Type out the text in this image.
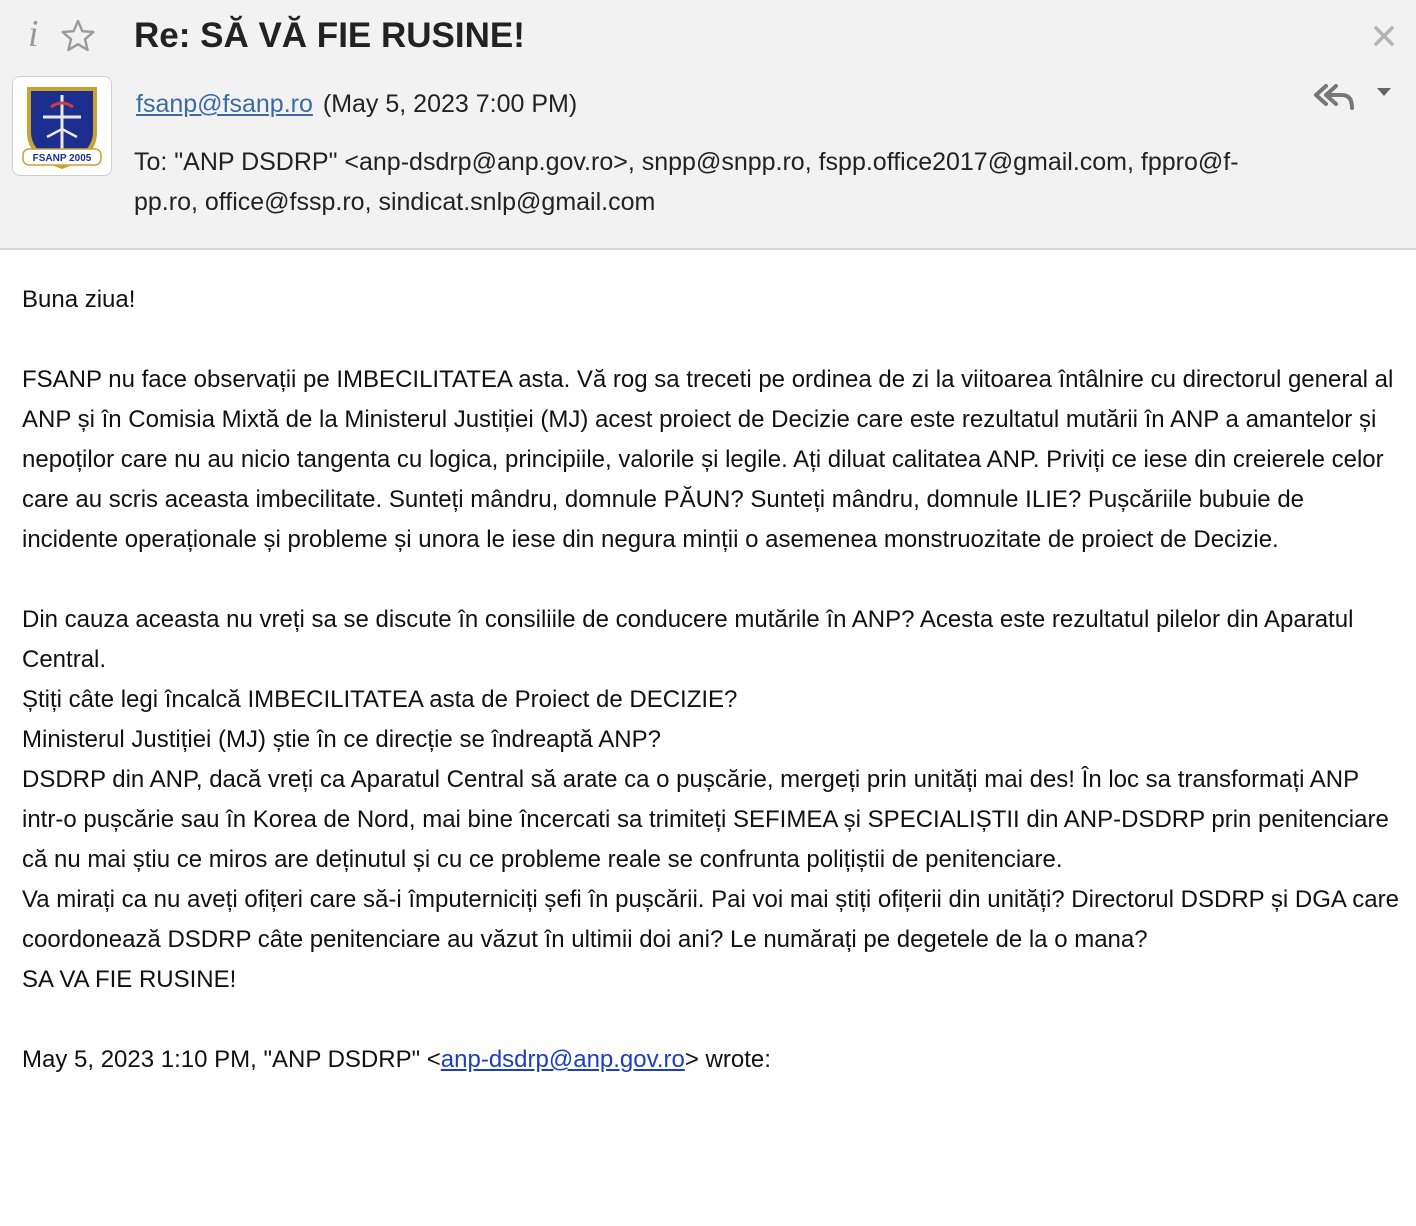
i	Re: SĂ VĂ FIE RUSINE!
FSANP 2005
fsanp@fsanp.ro (May 5, 2023 7:00 PM)
To: "ANP DSDRP" <anp-dsdrp@anp.gov.ro>, snpp@snpp.ro, fspp.office2017@gmail.com, fppro@f-pp.ro, office@fssp.ro, sindicat.snlp@gmail.com

Buna ziua!

FSANP nu face observații pe IMBECILITATEA asta. Vă rog sa treceti pe ordinea de zi la viitoarea întâlnire cu directorul general al ANP și în Comisia Mixtă de la Ministerul Justiției (MJ) acest proiect de Decizie care este rezultatul mutării în ANP a amantelor și nepoților care nu au nicio tangenta cu logica, principiile, valorile și legile. Ați diluat calitatea ANP. Priviți ce iese din creierele celor care au scris aceasta imbecilitate. Sunteți mândru, domnule PĂUN? Sunteți mândru, domnule ILIE? Pușcăriile bubuie de incidente operaționale și probleme și unora le iese din negura minții o asemenea monstruozitate de proiect de Decizie.

Din cauza aceasta nu vreți sa se discute în consiliile de conducere mutările în ANP? Acesta este rezultatul pilelor din Aparatul Central.

Știți câte legi încalcă IMBECILITATEA asta de Proiect de DECIZIE?

Ministerul Justiției (MJ) știe în ce direcție se îndreaptă ANP?

DSDRP din ANP, dacă vreți ca Aparatul Central să arate ca o pușcărie, mergeți prin unități mai des! În loc sa transformați ANP intr-o pușcărie sau în Korea de Nord, mai bine încercati sa trimiteți SEFIMEA și SPECIALIȘTII din ANP-DSDRP prin penitenciare că nu mai știu ce miros are deținutul și cu ce probleme reale se confrunta polițiștii de penitenciare.

Va mirați ca nu aveți ofițeri care să-i împuterniciți șefi în pușcării. Pai voi mai știți ofițerii din unități? Directorul DSDRP și DGA care coordonează DSDRP câte penitenciare au văzut în ultimii doi ani? Le numărați pe degetele de la o mana?

SA VA FIE RUSINE!

May 5, 2023 1:10 PM, "ANP DSDRP" <anp-dsdrp@anp.gov.ro> wrote:
